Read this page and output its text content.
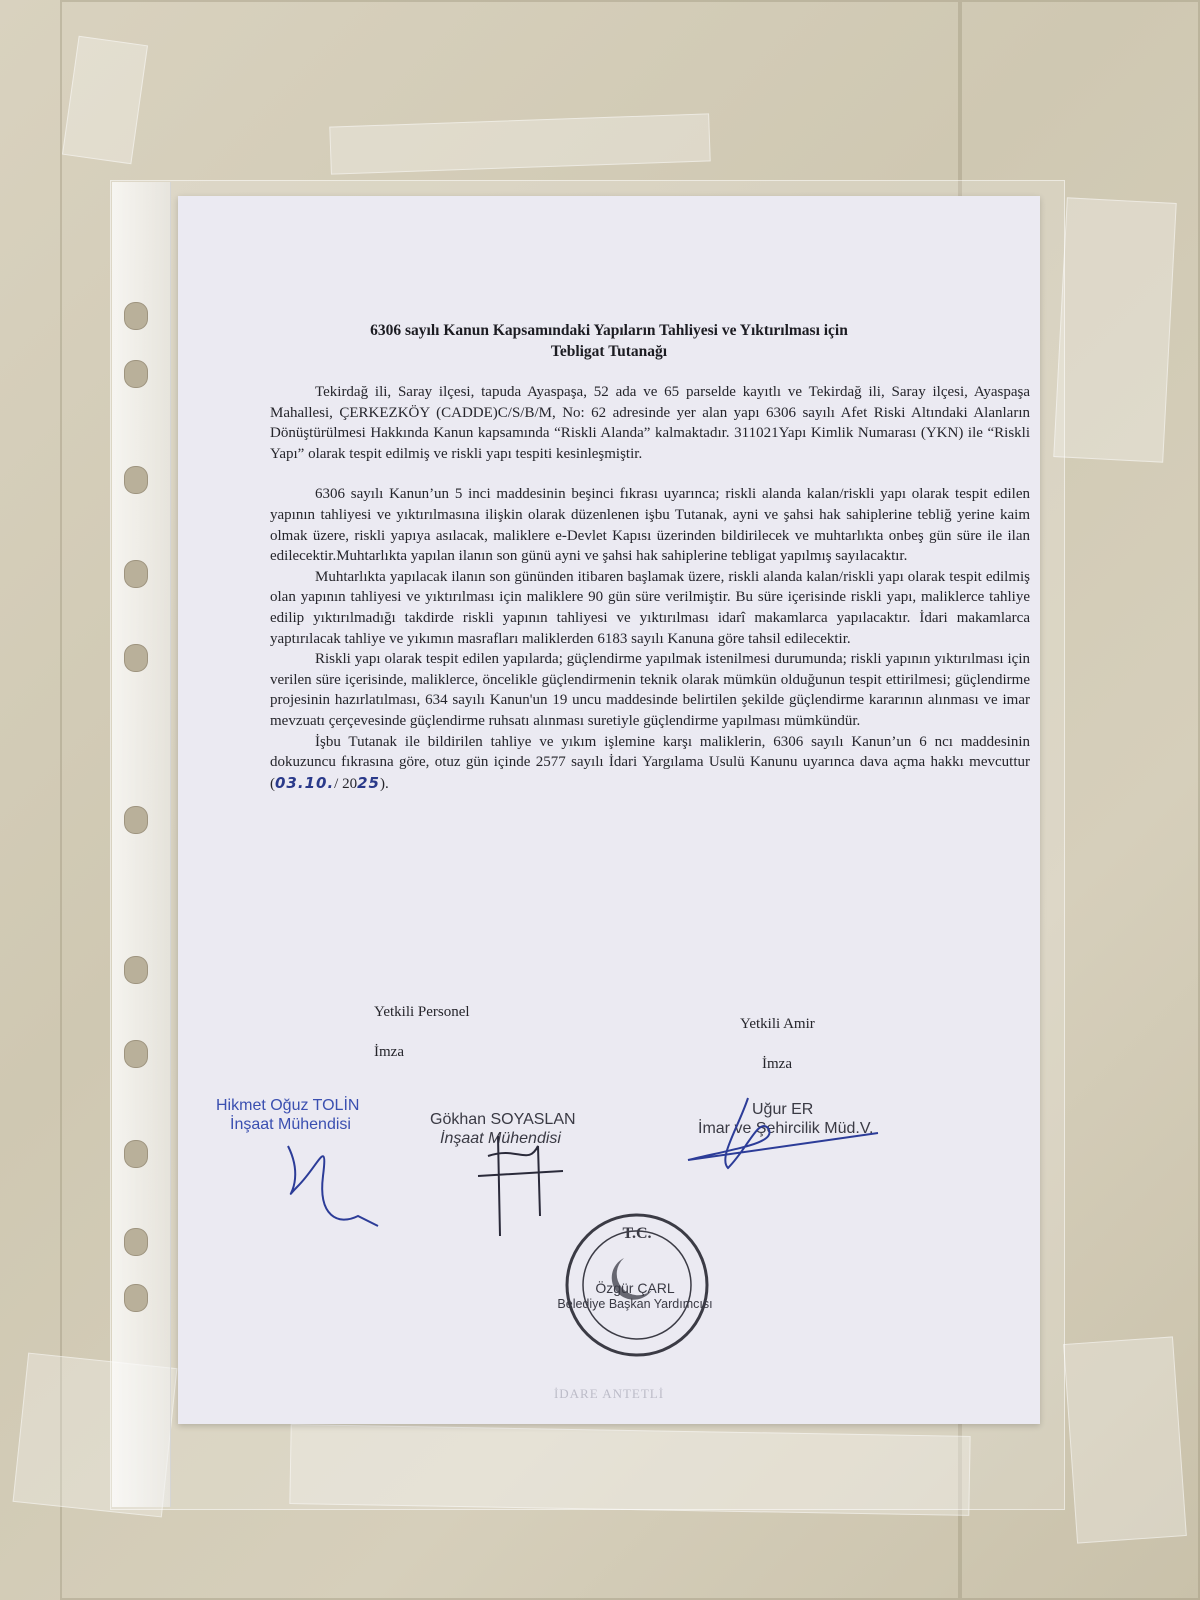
6306 sayılı Kanun Kapsamındaki Yapıların Tahliyesi ve Yıktırılması için
Tebligat Tutanağı

Tekirdağ ili, Saray ilçesi, tapuda Ayaspaşa, 52 ada ve 65 parselde kayıtlı ve Tekirdağ ili, Saray ilçesi, Ayaspaşa Mahallesi, ÇERKEZKÖY (CADDE)C/S/B/M, No: 62 adresinde yer alan yapı 6306 sayılı Afet Riski Altındaki Alanların Dönüştürülmesi Hakkında Kanun kapsamında “Riskli Alanda” kalmaktadır. 311021Yapı Kimlik Numarası (YKN) ile “Riskli Yapı” olarak tespit edilmiş ve riskli yapı tespiti kesinleşmiştir.

6306 sayılı Kanun’un 5 inci maddesinin beşinci fıkrası uyarınca; riskli alanda kalan/riskli yapı olarak tespit edilen yapının tahliyesi ve yıktırılmasına ilişkin olarak düzenlenen işbu Tutanak, ayni ve şahsi hak sahiplerine tebliğ yerine kaim olmak üzere, riskli yapıya asılacak, maliklere e-Devlet Kapısı üzerinden bildirilecek ve muhtarlıkta onbeş gün süre ile ilan edilecektir.Muhtarlıkta yapılan ilanın son günü ayni ve şahsi hak sahiplerine tebligat yapılmış sayılacaktır.

Muhtarlıkta yapılacak ilanın son gününden itibaren başlamak üzere, riskli alanda kalan/riskli yapı olarak tespit edilmiş olan yapının tahliyesi ve yıktırılması için maliklere 90 gün süre verilmiştir. Bu süre içerisinde riskli yapı, maliklerce tahliye edilip yıktırılmadığı takdirde riskli yapının tahliyesi ve yıktırılması idarî makamlarca yapılacaktır. İdari makamlarca yaptırılacak tahliye ve yıkımın masrafları maliklerden 6183 sayılı Kanuna göre tahsil edilecektir.

Riskli yapı olarak tespit edilen yapılarda; güçlendirme yapılmak istenilmesi durumunda; riskli yapının yıktırılması için verilen süre içerisinde, maliklerce, öncelikle güçlendirmenin teknik olarak mümkün olduğunun tespit ettirilmesi; güçlendirme projesinin hazırlatılması, 634 sayılı Kanun'un 19 uncu maddesinde belirtilen şekilde güçlendirme kararının alınması ve imar mevzuatı çerçevesinde güçlendirme ruhsatı alınması suretiyle güçlendirme yapılması mümkündür.

İşbu Tutanak ile bildirilen tahliye ve yıkım işlemine karşı maliklerin, 6306 sayılı Kanun’un 6 ncı maddesinin dokuzuncu fıkrasına göre, otuz gün içinde 2577 sayılı İdari Yargılama Usulü Kanunu uyarınca dava açma hakkı mevcuttur (03.10./ 2025).

Yetkili Personel
İmza
Yetkili Amir
İmza
Hikmet Oğuz TOLİN
İnşaat Mühendisi	Gökhan SOYASLAN
İnşaat Mühendisi
Uğur ER
İmar ve Şehircilik Müd.V.
T.C.
Özgür ÇARL
Belediye Başkan Yardımcısı
İDARE ANTETLİ
